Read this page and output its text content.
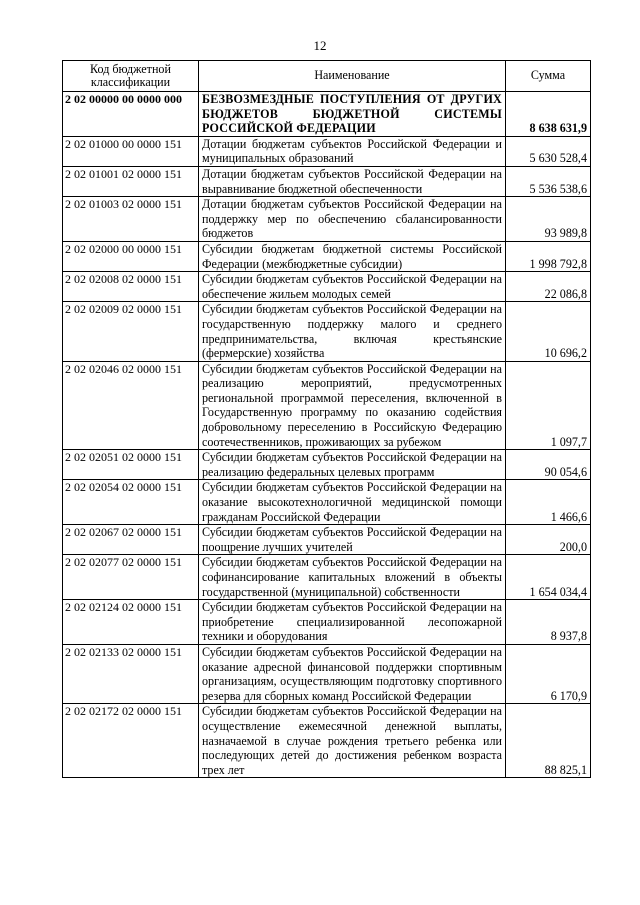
12
Код бюджетной классификации	Наименование	Сумма
2 02 00000 00 0000 000	БЕЗВОЗМЕЗДНЫЕ ПОСТУПЛЕНИЯ ОТ ДРУГИХ БЮДЖЕТОВ БЮДЖЕТНОЙ СИСТЕМЫ РОССИЙСКОЙ ФЕДЕРАЦИИ	8 638 631,9
2 02 01000 00 0000 151	Дотации бюджетам субъектов Российской Федерации и муниципальных образований	5 630 528,4
2 02 01001 02 0000 151	Дотации бюджетам субъектов Российской Федерации на выравнивание бюджетной обеспеченности	5 536 538,6
2 02 01003 02 0000 151	Дотации бюджетам субъектов Российской Федерации на поддержку мер по обеспечению сбалансированности бюджетов	93 989,8
2 02 02000 00 0000 151	Субсидии бюджетам бюджетной системы Российской Федерации (межбюджетные субсидии)	1 998 792,8
2 02 02008 02 0000 151	Субсидии бюджетам субъектов Российской Федерации на обеспечение жильем молодых семей	22 086,8
2 02 02009 02 0000 151	Субсидии бюджетам субъектов Российской Федерации на государственную поддержку малого и среднего предпринимательства, включая крестьянские (фермерские) хозяйства	10 696,2
2 02 02046 02 0000 151	Субсидии бюджетам субъектов Российской Федерации на реализацию мероприятий, предусмотренных региональной программой переселения, включенной в Государственную программу по оказанию содействия добровольному переселению в Российскую Федерацию соотечественников, проживающих за рубежом	1 097,7
2 02 02051 02 0000 151	Субсидии бюджетам субъектов Российской Федерации на реализацию федеральных целевых программ	90 054,6
2 02 02054 02 0000 151	Субсидии бюджетам субъектов Российской Федерации на оказание высокотехнологичной медицинской помощи гражданам Российской Федерации	1 466,6
2 02 02067 02 0000 151	Субсидии бюджетам субъектов Российской Федерации на поощрение лучших учителей	200,0
2 02 02077 02 0000 151	Субсидии бюджетам субъектов Российской Федерации на софинансирование капитальных вложений в объекты государственной (муниципальной) собственности	1 654 034,4
2 02 02124 02 0000 151	Субсидии бюджетам субъектов Российской Федерации на приобретение специализированной лесопожарной техники и оборудования	8 937,8
2 02 02133 02 0000 151	Субсидии бюджетам субъектов Российской Федерации на оказание адресной финансовой поддержки спортивным организациям, осуществляющим подготовку спортивного резерва для сборных команд Российской Федерации	6 170,9
2 02 02172 02 0000 151	Субсидии бюджетам субъектов Российской Федерации на осуществление ежемесячной денежной выплаты, назначаемой в случае рождения третьего ребенка или последующих детей до достижения ребенком возраста трех лет	88 825,1
